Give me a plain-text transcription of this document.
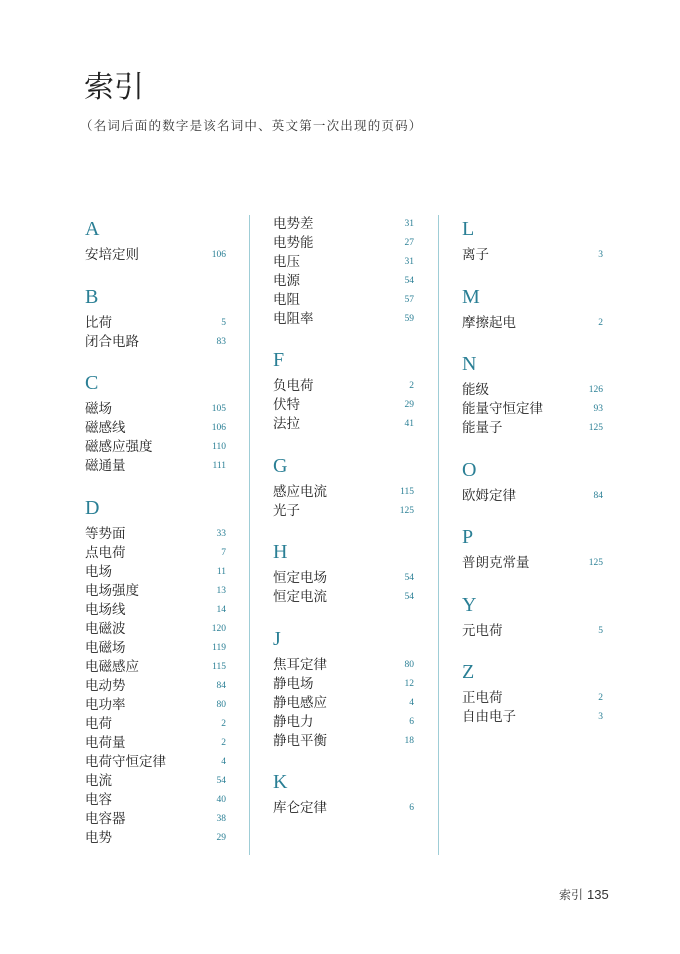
索引
（名词后面的数字是该名词中、英文第一次出现的页码）
A
安培定则	106
B
比荷	5
闭合电路	83
C
磁场	105
磁感线	106
磁感应强度	110
磁通量	111
D
等势面	33
点电荷	7
电场	11
电场强度	13
电场线	14
电磁波	120
电磁场	119
电磁感应	115
电动势	84
电功率	80
电荷	2
电荷量	2
电荷守恒定律	4
电流	54
电容	40
电容器	38
电势	29
电势差	31
电势能	27
电压	31
电源	54
电阻	57
电阻率	59
F
负电荷	2
伏特	29
法拉	41
G
感应电流	115
光子	125
H
恒定电场	54
恒定电流	54
J
焦耳定律	80
静电场	12
静电感应	4
静电力	6
静电平衡	18
K
库仑定律	6
L
离子	3
M
摩擦起电	2
N
能级	126
能量守恒定律	93
能量子	125
O
欧姆定律	84
P
普朗克常量	125
Y
元电荷	5
Z
正电荷	2
自由电子	3
索引 135
